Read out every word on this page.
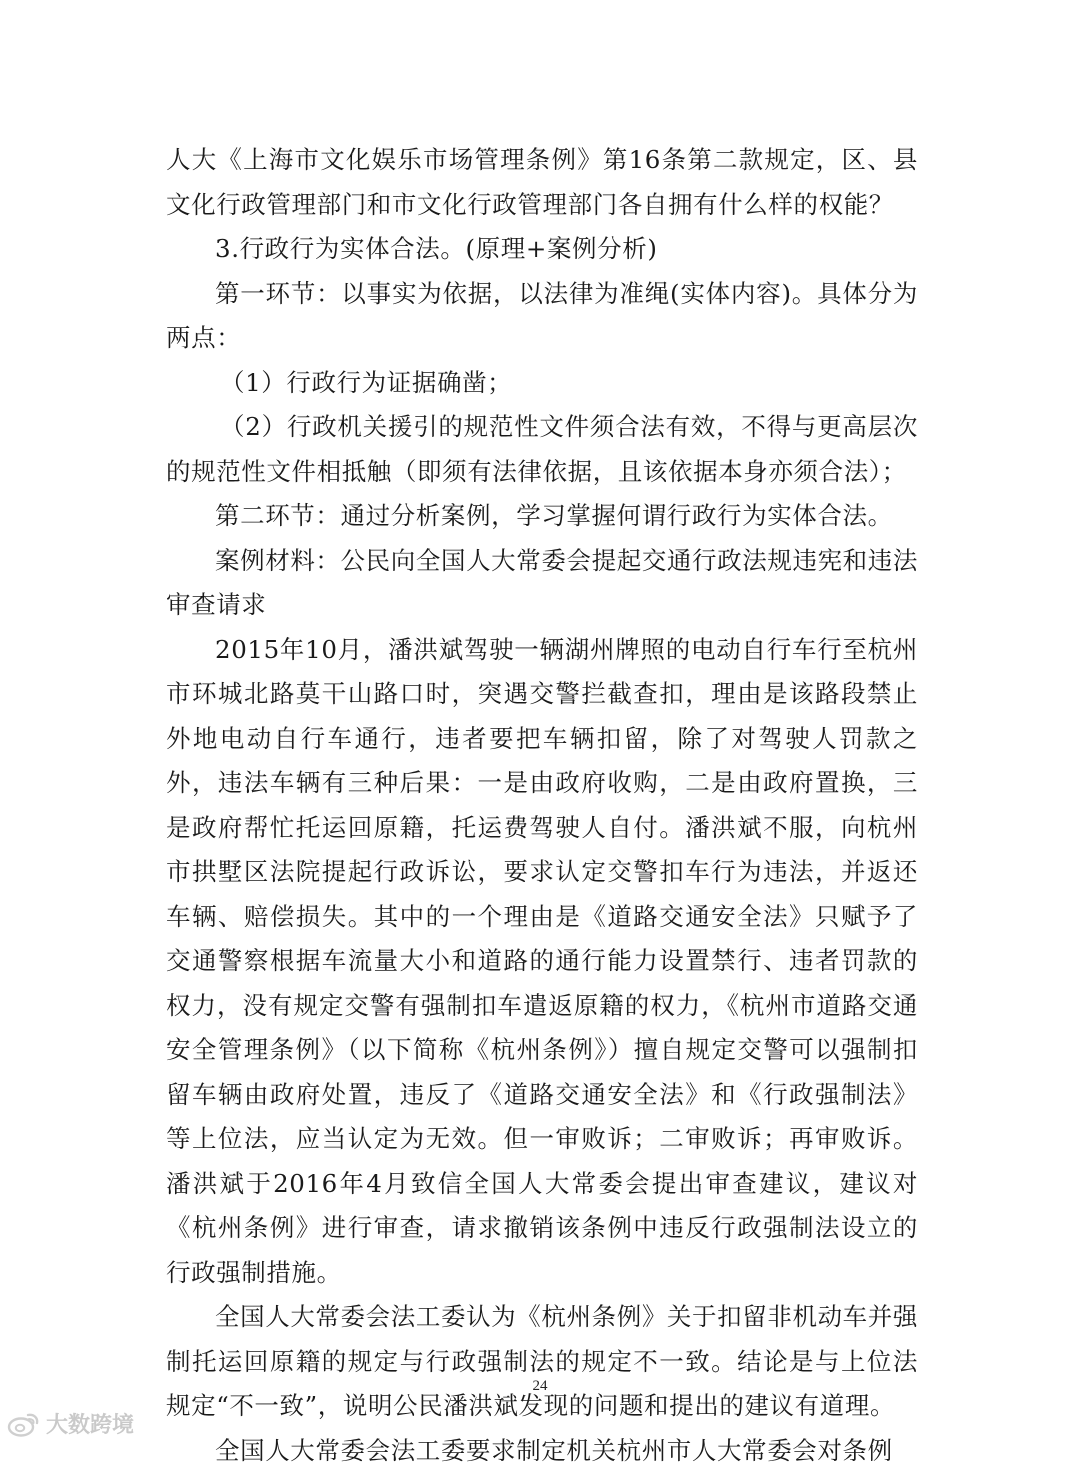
人大《上海市文化娱乐市场管理条例》第16条第二款规定，区、县文化行政管理部门和市文化行政管理部门各自拥有什么样的权能？

3.行政行为实体合法。(原理+案例分析)

第一环节：以事实为依据，以法律为准绳(实体内容)。具体分为两点：

（1）行政行为证据确凿；

（2）行政机关援引的规范性文件须合法有效，不得与更高层次的规范性文件相抵触（即须有法律依据，且该依据本身亦须合法）；

第二环节：通过分析案例，学习掌握何谓行政行为实体合法。

案例材料：公民向全国人大常委会提起交通行政法规违宪和违法审查请求

2015年10月，潘洪斌驾驶一辆湖州牌照的电动自行车行至杭州市环城北路莫干山路口时，突遇交警拦截查扣，理由是该路段禁止外地电动自行车通行，违者要把车辆扣留，除了对驾驶人罚款之外，违法车辆有三种后果：一是由政府收购，二是由政府置换，三是政府帮忙托运回原籍，托运费驾驶人自付。潘洪斌不服，向杭州市拱墅区法院提起行政诉讼，要求认定交警扣车行为违法，并返还车辆、赔偿损失。其中的一个理由是《道路交通安全法》只赋予了交通警察根据车流量大小和道路的通行能力设置禁行、违者罚款的权力，没有规定交警有强制扣车遣返原籍的权力，《杭州市道路交通安全管理条例》（以下简称《杭州条例》）擅自规定交警可以强制扣留车辆由政府处置，违反了《道路交通安全法》和《行政强制法》等上位法，应当认定为无效。但一审败诉；二审败诉；再审败诉。潘洪斌于2016年4月致信全国人大常委会提出审查建议，建议对《杭州条例》进行审查，请求撤销该条例中违反行政强制法设立的行政强制措施。

全国人大常委会法工委认为《杭州条例》关于扣留非机动车并强制托运回原籍的规定与行政强制法的规定不一致。结论是与上位法规定“不一致”，说明公民潘洪斌发现的问题和提出的建议有道理。

全国人大常委会法工委要求制定机关杭州市人大常委会对条例

24
大数跨境
